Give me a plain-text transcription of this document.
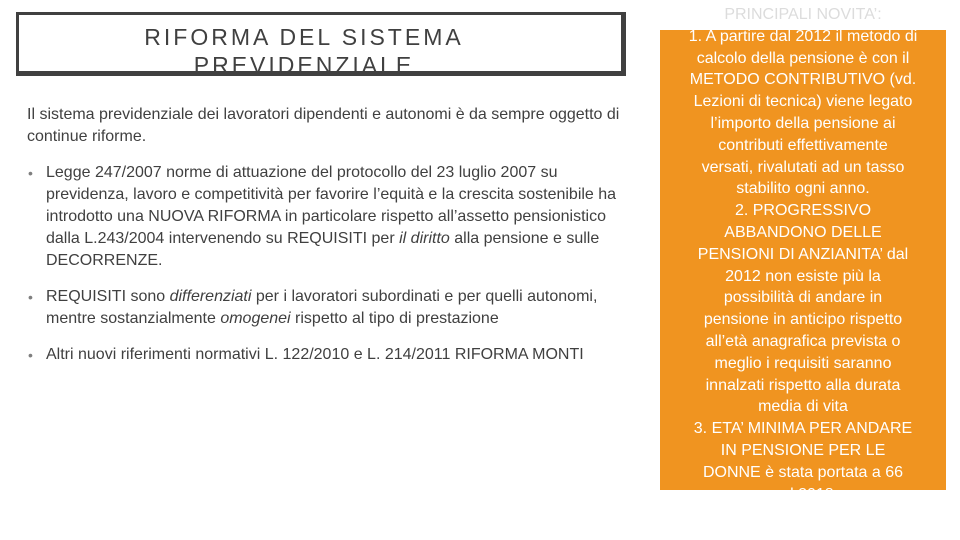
RIFORMA DEL SISTEMA
PREVIDENZIALE

Il sistema previdenziale dei lavoratori dipendenti e autonomi è da sempre oggetto di continue riforme.

• Legge 247/2007 norme di attuazione del protocollo del 23 luglio 2007 su previdenza, lavoro e competitività per favorire l’equità e la crescita sostenibile ha introdotto una NUOVA RIFORMA in particolare rispetto all’assetto pensionistico dalla L.243/2004 intervenendo su REQUISITI per il diritto alla pensione e sulle DECORRENZE.
• REQUISITI sono differenziati per i lavoratori subordinati e per quelli autonomi, mentre sostanzialmente omogenei rispetto al tipo di prestazione
• Altri nuovi riferimenti normativi L. 122/2010 e L. 214/2011 RIFORMA MONTI

PRINCIPALI NOVITA’:
1. A partire dal 2012 il metodo di
calcolo della pensione è con il
METODO CONTRIBUTIVO (vd.
Lezioni di tecnica) viene legato
l’importo della pensione ai
contributi effettivamente
versati, rivalutati ad un tasso
stabilito ogni anno.
2. PROGRESSIVO
ABBANDONO DELLE
PENSIONI DI ANZIANITA’ dal
2012 non esiste più la
possibilità di andare in
pensione in anticipo rispetto
all’età anagrafica prevista o
meglio i requisiti saranno
innalzati rispetto alla durata
media di vita
3. ETA’ MINIMA PER ANDARE
IN PENSIONE PER LE
DONNE è stata portata a 66
nel 2018
